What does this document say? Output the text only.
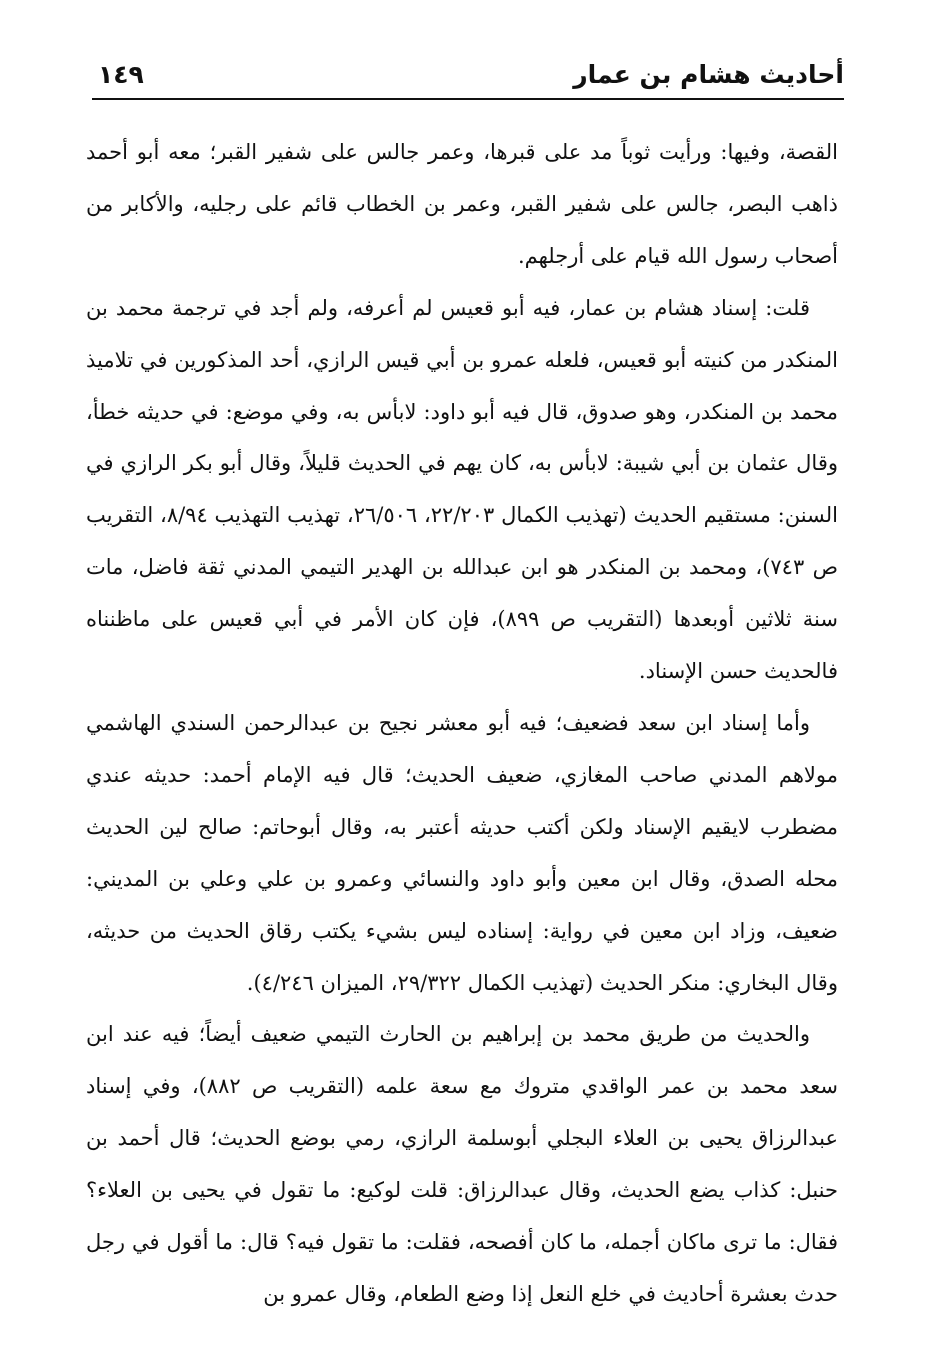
أحاديث هشام بن عمار
١٤٩

القصة، وفيها: ورأيت ثوباً مد على قبرها، وعمر جالس على شفير القبر؛ معه أبو أحمد ذاهب البصر، جالس على شفير القبر، وعمر بن الخطاب قائم على رجليه، والأكابر من أصحاب رسول الله قيام على أرجلهم.

قلت: إسناد هشام بن عمار، فيه أبو قعيس لم أعرفه، ولم أجد في ترجمة محمد بن المنكدر من كنيته أبو قعيس، فلعله عمرو بن أبي قيس الرازي، أحد المذكورين في تلاميذ محمد بن المنكدر، وهو صدوق، قال فيه أبو داود: لابأس به، وفي موضع: في حديثه خطأ، وقال عثمان بن أبي شيبة: لابأس به، كان يهم في الحديث قليلاً، وقال أبو بكر الرازي في السنن: مستقيم الحديث (تهذيب الكمال ٢٢/٢٠٣، ٢٦/٥٠٦، تهذيب التهذيب ٨/٩٤، التقريب ص ٧٤٣)، ومحمد بن المنكدر هو ابن عبدالله بن الهدير التيمي المدني ثقة فاضل، مات سنة ثلاثين أوبعدها (التقريب ص ٨٩٩)، فإن كان الأمر في أبي قعيس على ماظنناه فالحديث حسن الإسناد.

وأما إسناد ابن سعد فضعيف؛ فيه أبو معشر نجيح بن عبدالرحمن السندي الهاشمي مولاهم المدني صاحب المغازي، ضعيف الحديث؛ قال فيه الإمام أحمد: حديثه عندي مضطرب لايقيم الإسناد ولكن أكتب حديثه أعتبر به، وقال أبوحاتم: صالح لين الحديث محله الصدق، وقال ابن معين وأبو داود والنسائي وعمرو بن علي وعلي بن المديني: ضعيف، وزاد ابن معين في رواية: إسناده ليس بشيء يكتب رقاق الحديث من حديثه، وقال البخاري: منكر الحديث (تهذيب الكمال ٢٩/٣٢٢، الميزان ٤/٢٤٦).

والحديث من طريق محمد بن إبراهيم بن الحارث التيمي ضعيف أيضاً؛ فيه عند ابن سعد محمد بن عمر الواقدي متروك مع سعة علمه (التقريب ص ٨٨٢)، وفي إسناد عبدالرزاق يحيى بن العلاء البجلي أبوسلمة الرازي، رمي بوضع الحديث؛ قال أحمد بن حنبل: كذاب يضع الحديث، وقال عبدالرزاق: قلت لوكيع: ما تقول في يحيى بن العلاء؟ فقال: ما ترى ماكان أجمله، ما كان أفصحه، فقلت: ما تقول فيه؟ قال: ما أقول في رجل حدث بعشرة أحاديث في خلع النعل إذا وضع الطعام، وقال عمرو بن
